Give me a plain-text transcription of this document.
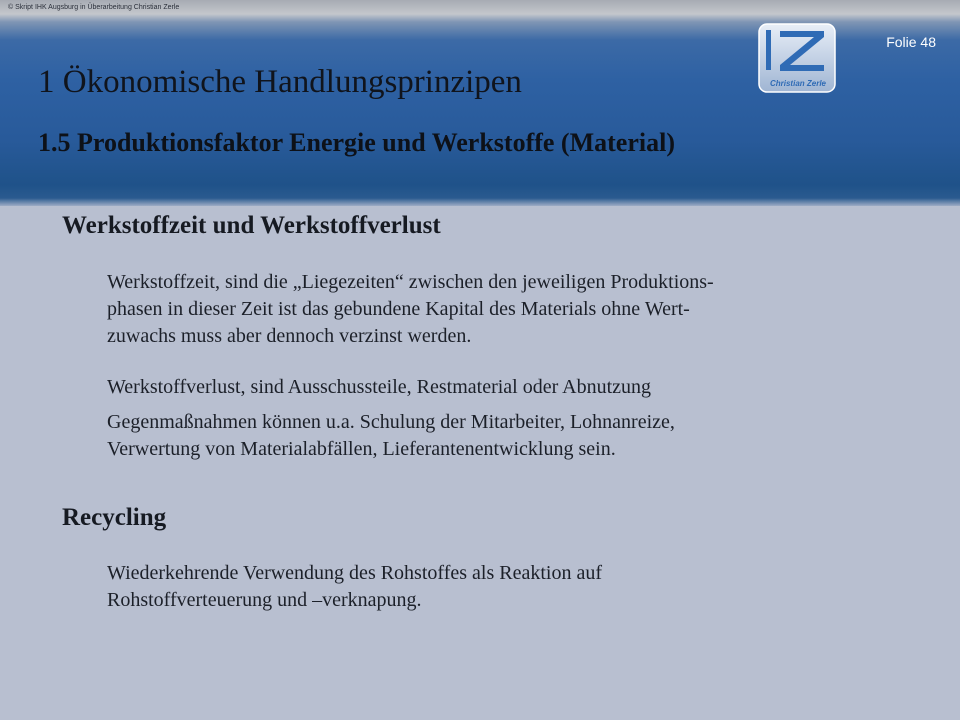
© Skript IHK Augsburg in Überarbeitung Christian Zerle
Folie 48
Christian Zerle
1 Ökonomische Handlungsprinzipen
1.5 Produktionsfaktor Energie und Werkstoffe (Material)
Werkstoffzeit und Werkstoffverlust
Werkstoffzeit, sind die „Liegezeiten“ zwischen den jeweiligen Produktions-
phasen in dieser Zeit ist das gebundene Kapital des Materials ohne Wert-
zuwachs muss aber dennoch verzinst werden.
Werkstoffverlust, sind Ausschussteile, Restmaterial oder Abnutzung
Gegenmaßnahmen können u.a. Schulung der Mitarbeiter, Lohnanreize,
Verwertung von Materialabfällen, Lieferantenentwicklung sein.
Recycling
Wiederkehrende Verwendung des Rohstoffes als Reaktion auf
Rohstoffverteuerung und –verknapung.
